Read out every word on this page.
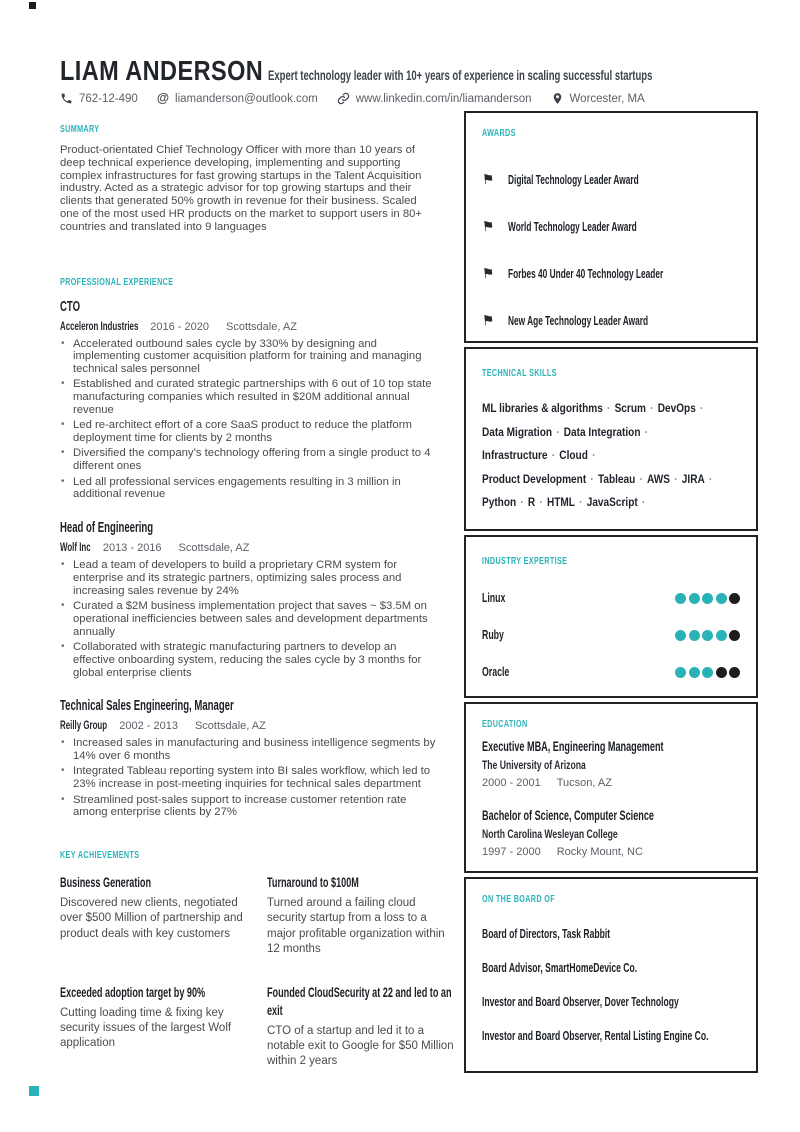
LIAM ANDERSON Expert technology leader with 10+ years of experience in scaling successful startups
762-12-490 @ liamanderson@outlook.com	www.linkedin.com/in/liamanderson	Worcester, MA
SUMMARY
Product-orientated Chief Technology Officer with more than 10 years of deep technical experience developing, implementing and supporting complex infrastructures for fast growing startups in the Talent Acquisition industry. Acted as a strategic advisor for top growing startups and their clients that generated 50% growth in revenue for their business. Scaled one of the most used HR products on the market to support users in 80+ countries and translated into 9 languages
PROFESSIONAL EXPERIENCE
CTO
Acceleron Industries 2016 - 2020 Scottsdale, AZ
• Accelerated outbound sales cycle by 330% by designing and implementing customer acquisition platform for training and managing technical sales personnel
• Established and curated strategic partnerships with 6 out of 10 top state manufacturing companies which resulted in $20M additional annual revenue
• Led re-architect effort of a core SaaS product to reduce the platform deployment time for clients by 2 months
• Diversified the company’s technology offering from a single product to 4 different ones
• Led all professional services engagements resulting in 3 million in additional revenue
Head of Engineering
Wolf Inc 2013 - 2016 Scottsdale, AZ
• Lead a team of developers to build a proprietary CRM system for enterprise and its strategic partners, optimizing sales process and increasing sales revenue by 24%
• Curated a $2M business implementation project that saves ~ $3.5M on operational inefficiencies between sales and development departments annually
• Collaborated with strategic manufacturing partners to develop an effective onboarding system, reducing the sales cycle by 3 months for global enterprise clients
Technical Sales Engineering, Manager
Reilly Group 2002 - 2013 Scottsdale, AZ
• Increased sales in manufacturing and business intelligence segments by 14% over 6 months
• Integrated Tableau reporting system into BI sales workflow, which led to 23% increase in post-meeting inquiries for technical sales department
• Streamlined post-sales support to increase customer retention rate among enterprise clients by 27%
KEY ACHIEVEMENTS
Business Generation
Discovered new clients, negotiated over $500 Million of partnership and product deals with key customers
Turnaround to $100M
Turned around a failing cloud security startup from a loss to a major profitable organization within 12 months
Exceeded adoption target by 90%
Cutting loading time & fixing key security issues of the largest Wolf application
Founded CloudSecurity at 22 and led to an exit
CTO of a startup and led it to a notable exit to Google for $50 Million within 2 years
AWARDS
⚑ Digital Technology Leader Award
⚑ World Technology Leader Award
⚑ Forbes 40 Under 40 Technology Leader
⚑ New Age Technology Leader Award
TECHNICAL SKILLS
ML libraries & algorithms · Scrum · DevOps ·
Data Migration · Data Integration ·
Infrastructure · Cloud ·
Product Development · Tableau · AWS · JIRA ·
Python · R · HTML · JavaScript ·
INDUSTRY EXPERTISE
Linux
Ruby
Oracle
EDUCATION
Executive MBA, Engineering Management The University of Arizona
2000 - 2001 Tucson, AZ
Bachelor of Science, Computer Science North Carolina Wesleyan College
1997 - 2000 Rocky Mount, NC
ON THE BOARD OF
Board of Directors, Task Rabbit
Board Advisor, SmartHomeDevice Co.
Investor and Board Observer, Dover Technology
Investor and Board Observer, Rental Listing Engine Co.
